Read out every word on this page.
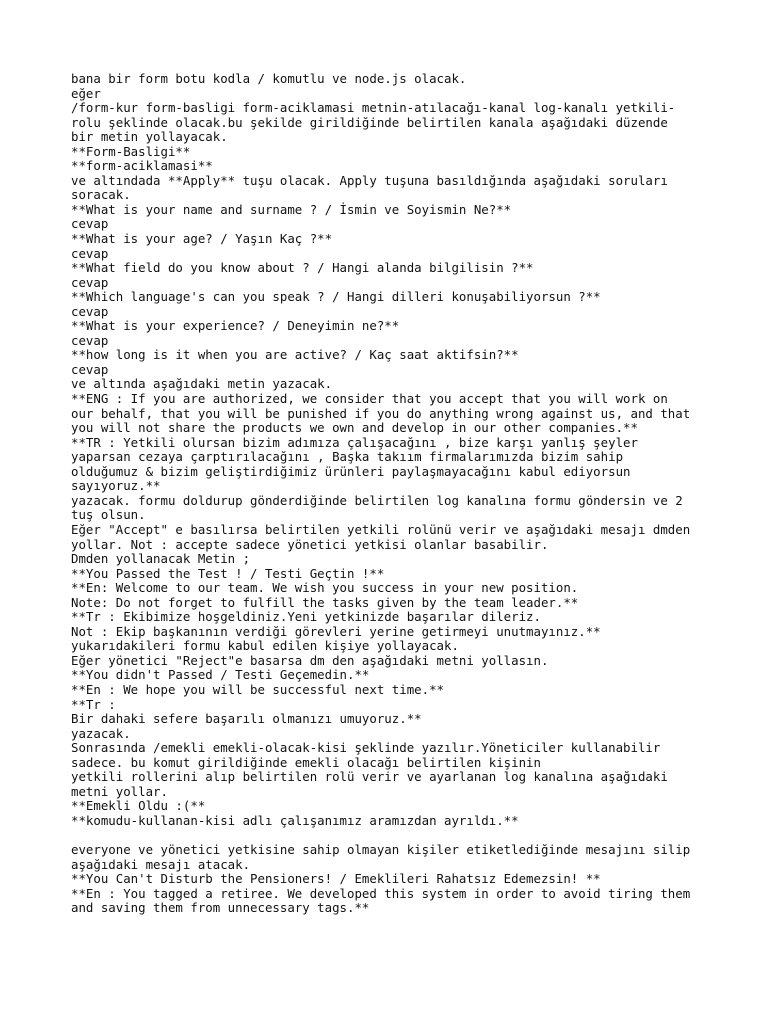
bana bir form botu kodla / komutlu ve node.js olacak.
eğer
/form-kur form-basligi form-aciklamasi metnin-atılacağı-kanal log-kanalı yetkili-
rolu şeklinde olacak.bu şekilde girildiğinde belirtilen kanala aşağıdaki düzende
bir metin yollayacak.
**Form-Basligi**
**form-aciklamasi**
ve altındada **Apply** tuşu olacak. Apply tuşuna basıldığında aşağıdaki soruları
soracak.
**What is your name and surname ? / İsmin ve Soyismin Ne?**
cevap
**What is your age? / Yaşın Kaç ?**
cevap
**What field do you know about ? / Hangi alanda bilgilisin ?**
cevap
**Which language's can you speak ? / Hangi dilleri konuşabiliyorsun ?**
cevap
**What is your experience? / Deneyimin ne?**
cevap
**how long is it when you are active? / Kaç saat aktifsin?**
cevap
ve altında aşağıdaki metin yazacak.
**ENG : If you are authorized, we consider that you accept that you will work on
our behalf, that you will be punished if you do anything wrong against us, and that
you will not share the products we own and develop in our other companies.**
**TR : Yetkili olursan bizim adımıza çalışacağını , bize karşı yanlış şeyler
yaparsan cezaya çarptırılacağını , Başka takıım firmalarımızda bizim sahip
olduğumuz & bizim geliştirdiğimiz ürünleri paylaşmayacağını kabul ediyorsun
sayıyoruz.**
yazacak. formu doldurup gönderdiğinde belirtilen log kanalına formu göndersin ve 2
tuş olsun.
Eğer "Accept" e basılırsa belirtilen yetkili rolünü verir ve aşağıdaki mesajı dmden
yollar. Not : accepte sadece yönetici yetkisi olanlar basabilir.
Dmden yollanacak Metin ;
**You Passed the Test ! / Testi Geçtin !**
**En: Welcome to our team. We wish you success in your new position.
Note: Do not forget to fulfill the tasks given by the team leader.**
**Tr : Ekibimize hoşgeldiniz.Yeni yetkinizde başarılar dileriz.
Not : Ekip başkanının verdiği görevleri yerine getirmeyi unutmayınız.**
yukarıdakileri formu kabul edilen kişiye yollayacak.
Eğer yönetici "Reject"e basarsa dm den aşağıdaki metni yollasın.
**You didn't Passed / Testi Geçemedin.**
**En : We hope you will be successful next time.**
**Tr :
Bir dahaki sefere başarılı olmanızı umuyoruz.**
yazacak.
Sonrasında /emekli emekli-olacak-kisi şeklinde yazılır.Yöneticiler kullanabilir
sadece. bu komut girildiğinde emekli olacağı belirtilen kişinin
yetkili rollerini alıp belirtilen rolü verir ve ayarlanan log kanalına aşağıdaki
metni yollar.
**Emekli Oldu :(**
**komudu-kullanan-kisi adlı çalışanımız aramızdan ayrıldı.**
everyone ve yönetici yetkisine sahip olmayan kişiler etiketlediğinde mesajını silip
aşağıdaki mesajı atacak.
**You Can't Disturb the Pensioners! / Emeklileri Rahatsız Edemezsin! **
**En : You tagged a retiree. We developed this system in order to avoid tiring them
and saving them from unnecessary tags.**
